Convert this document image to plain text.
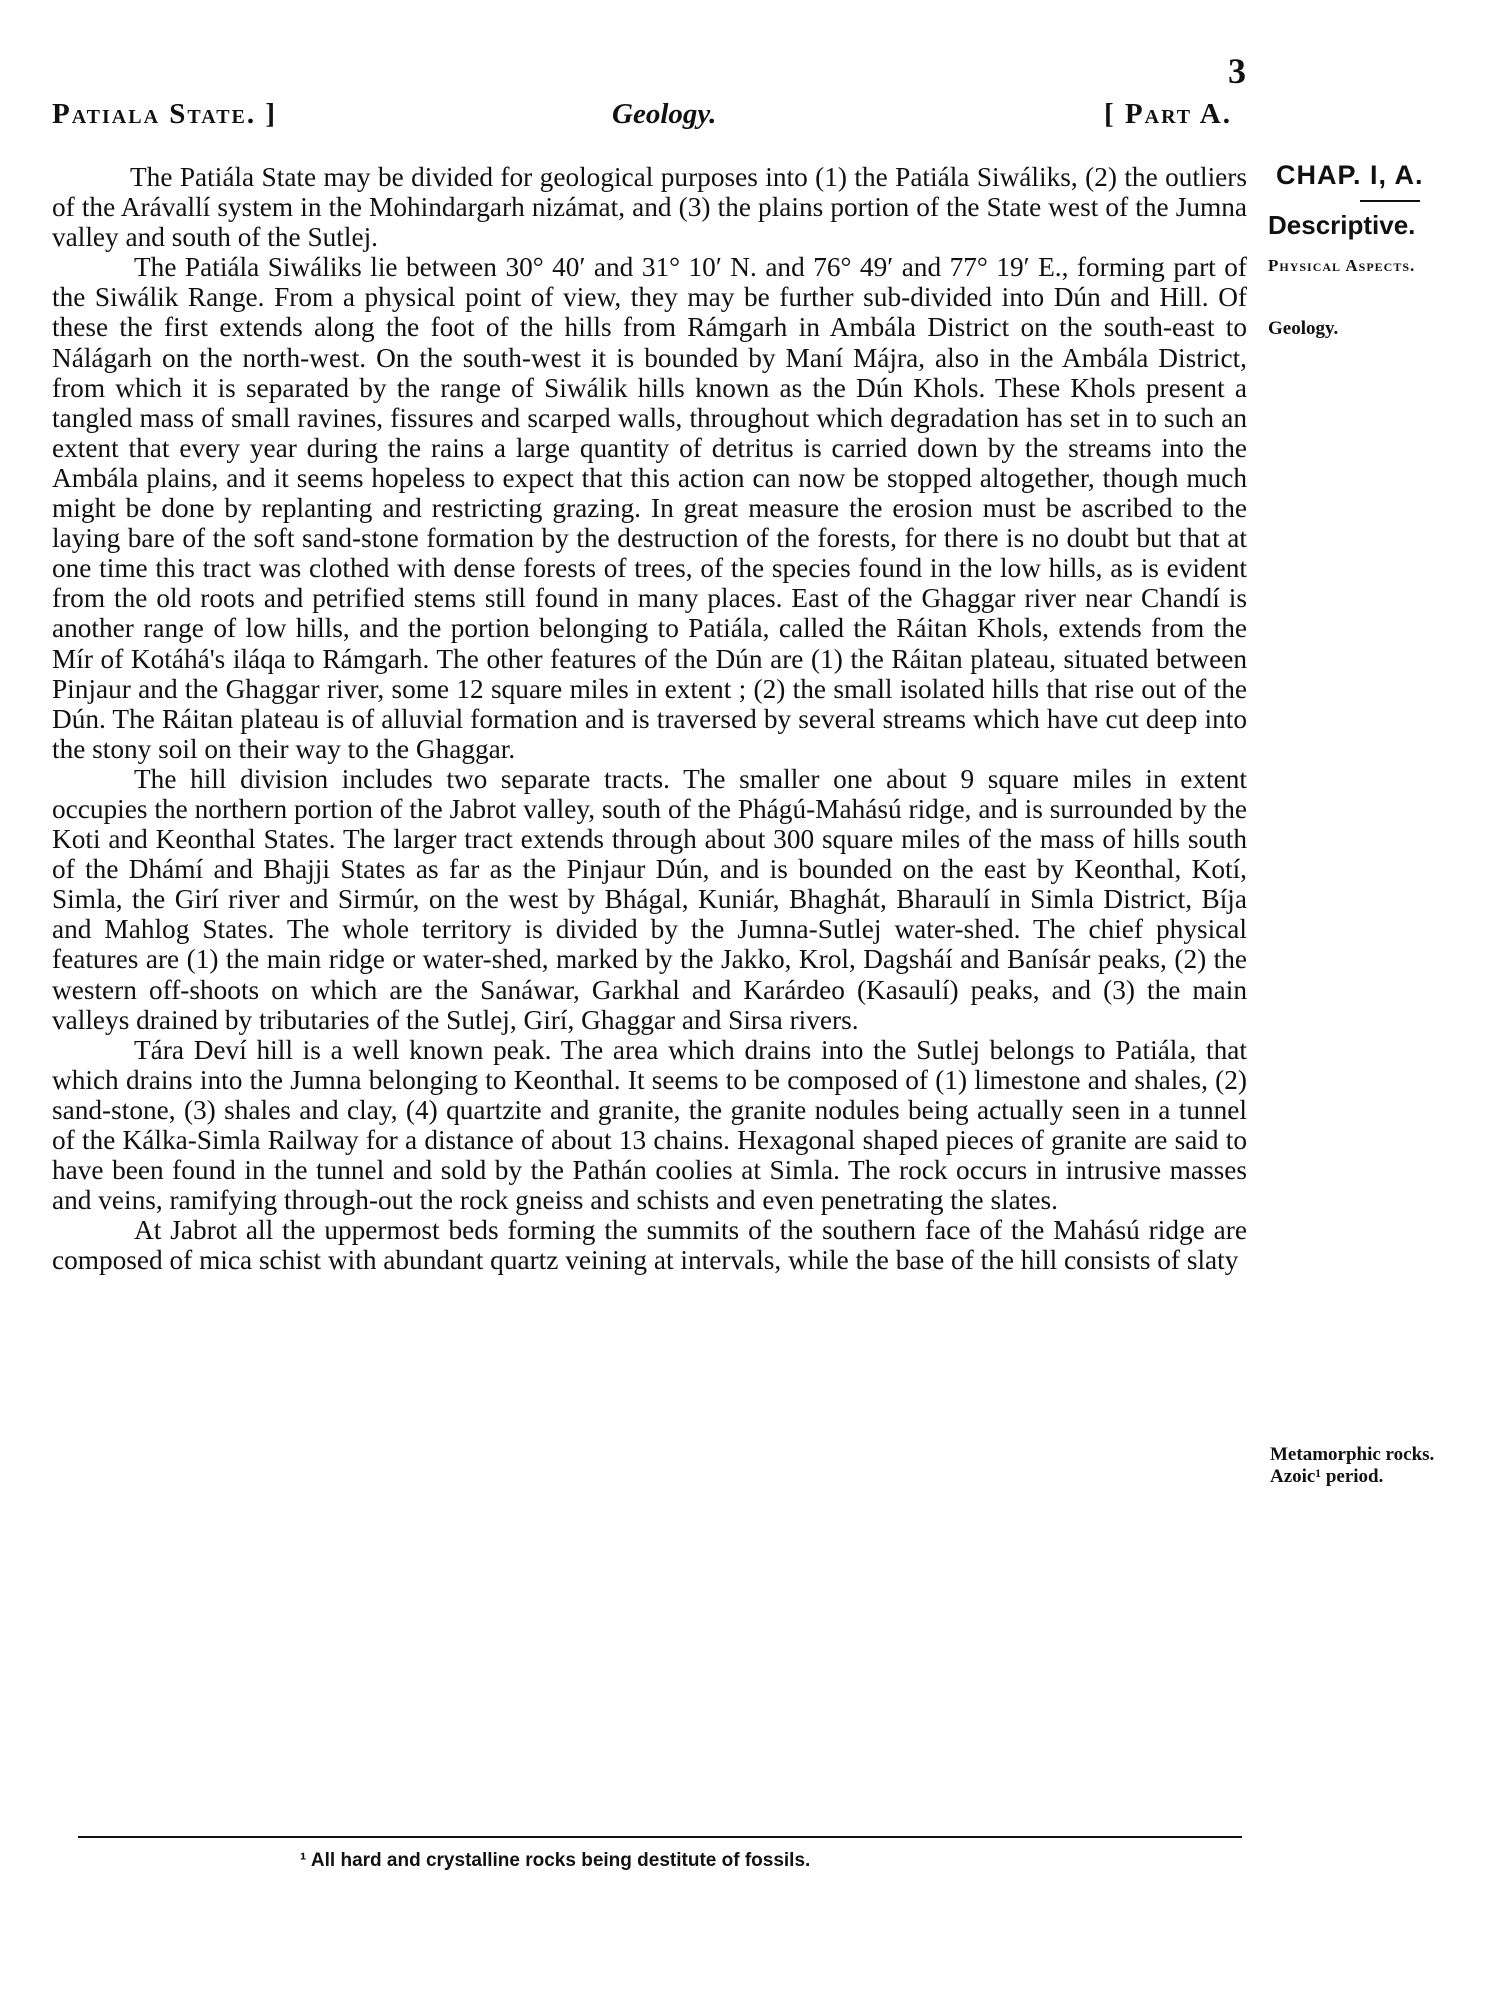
3
Patiala State. ]	Geology.	[ Part A.
CHAP. I, A.
Descriptive.
Physical Aspects.
Geology.
Metamorphic rocks. Azoic¹ period.

The Patiála State may be divided for geological purposes into (1) the Patiála Siwáliks, (2) the outliers of the Arávallí system in the Mohindargarh nizámat, and (3) the plains portion of the State west of the Jumna valley and south of the Sutlej.

The Patiála Siwáliks lie between 30° 40′ and 31° 10′ N. and 76° 49′ and 77° 19′ E., forming part of the Siwálik Range. From a physical point of view, they may be further sub-divided into Dún and Hill. Of these the first extends along the foot of the hills from Rámgarh in Ambála District on the south-east to Nálágarh on the north-west. On the south-west it is bounded by Maní Májra, also in the Ambála District, from which it is separated by the range of Siwálik hills known as the Dún Khols. These Khols present a tangled mass of small ravines, fissures and scarped walls, throughout which degradation has set in to such an extent that every year during the rains a large quantity of detritus is carried down by the streams into the Ambála plains, and it seems hopeless to expect that this action can now be stopped altogether, though much might be done by replanting and restricting grazing. In great measure the erosion must be ascribed to the laying bare of the soft sand-stone formation by the destruction of the forests, for there is no doubt but that at one time this tract was clothed with dense forests of trees, of the species found in the low hills, as is evident from the old roots and petrified stems still found in many places. East of the Ghaggar river near Chandí is another range of low hills, and the portion belonging to Patiála, called the Ráitan Khols, extends from the Mír of Kotáhá's iláqa to Rámgarh. The other features of the Dún are (1) the Ráitan plateau, situated between Pinjaur and the Ghaggar river, some 12 square miles in extent ; (2) the small isolated hills that rise out of the Dún. The Ráitan plateau is of alluvial formation and is traversed by several streams which have cut deep into the stony soil on their way to the Ghaggar.

The hill division includes two separate tracts. The smaller one about 9 square miles in extent occupies the northern portion of the Jabrot valley, south of the Phágú-Mahású ridge, and is surrounded by the Koti and Keonthal States. The larger tract extends through about 300 square miles of the mass of hills south of the Dhámí and Bhajji States as far as the Pinjaur Dún, and is bounded on the east by Keonthal, Kotí, Simla, the Girí river and Sirmúr, on the west by Bhágal, Kuniár, Bhaghát, Bharaulí in Simla District, Bíja and Mahlog States. The whole territory is divided by the Jumna-Sutlej water-shed. The chief physical features are (1) the main ridge or water-shed, marked by the Jakko, Krol, Dagsháí and Banísár peaks, (2) the western off-shoots on which are the Sanáwar, Garkhal and Karárdeo (Kasaulí) peaks, and (3) the main valleys drained by tributaries of the Sutlej, Girí, Ghaggar and Sirsa rivers.

Tára Deví hill is a well known peak. The area which drains into the Sutlej belongs to Patiála, that which drains into the Jumna belonging to Keonthal. It seems to be composed of (1) limestone and shales, (2) sand-stone, (3) shales and clay, (4) quartzite and granite, the granite nodules being actually seen in a tunnel of the Kálka-Simla Railway for a distance of about 13 chains. Hexagonal shaped pieces of granite are said to have been found in the tunnel and sold by the Pathán coolies at Simla. The rock occurs in intrusive masses and veins, ramifying through-out the rock gneiss and schists and even penetrating the slates.

At Jabrot all the uppermost beds forming the summits of the southern face of the Mahású ridge are composed of mica schist with abundant quartz veining at intervals, while the base of the hill consists of slaty

¹ All hard and crystalline rocks being destitute of fossils.
